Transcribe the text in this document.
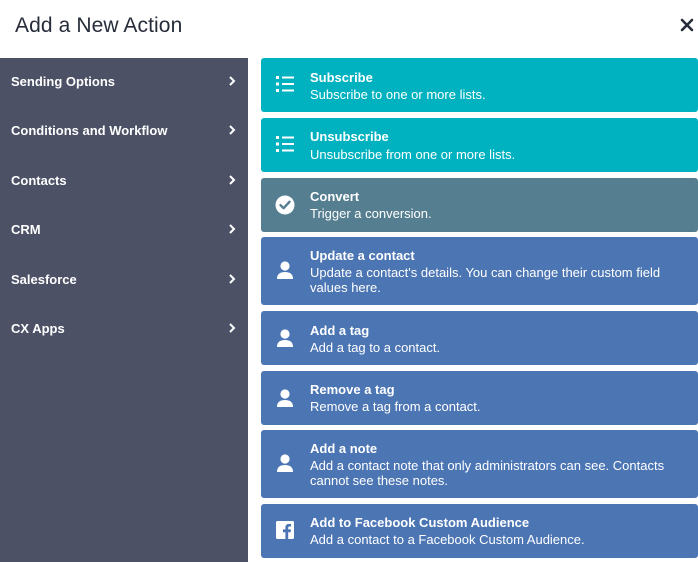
Add a New Action
Sending Options
Conditions and Workflow
Contacts
CRM
Salesforce
CX Apps
Subscribe
Subscribe to one or more lists.
Unsubscribe
Unsubscribe from one or more lists.
Convert
Trigger a conversion.
Update a contact
Update a contact's details. You can change their custom field values here.
Add a tag
Add a tag to a contact.
Remove a tag
Remove a tag from a contact.
Add a note
Add a contact note that only administrators can see. Contacts cannot see these notes.
Add to Facebook Custom Audience
Add a contact to a Facebook Custom Audience.
